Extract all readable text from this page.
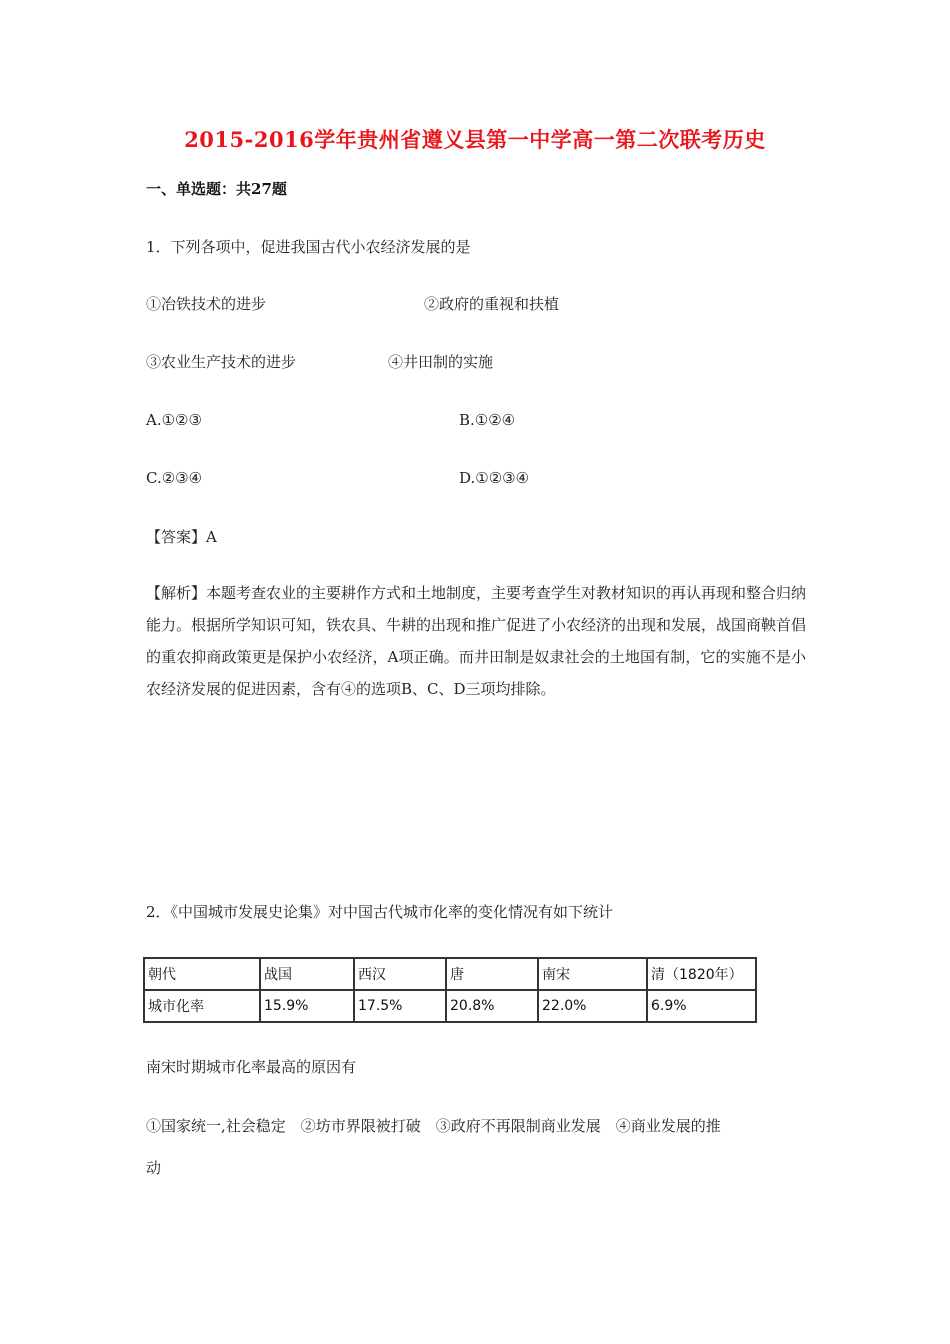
2015-2016学年贵州省遵义县第一中学高一第二次联考历史
一、单选题：共27题
1．下列各项中，促进我国古代小农经济发展的是
①冶铁技术的进步	②政府的重视和扶植
③农业生产技术的进步	④井田制的实施
A.①②③	B.①②④
C.②③④	D.①②③④
【答案】A
【解析】本题考查农业的主要耕作方式和土地制度，主要考查学生对教材知识的再认再现和整合归纳能力。根据所学知识可知，铁农具、牛耕的出现和推广促进了小农经济的出现和发展，战国商鞅首倡的重农抑商政策更是保护小农经济，A项正确。而井田制是奴隶社会的土地国有制，它的实施不是小农经济发展的促进因素，含有④的选项B、C、D三项均排除。
2．《中国城市发展史论集》对中国古代城市化率的变化情况有如下统计
朝代	战国	西汉	唐	南宋	清（1820年）
城市化率	15.9%	17.5%	20.8%	22.0%	6.9%
南宋时期城市化率最高的原因有
①国家统一,社会稳定　②坊市界限被打破　③政府不再限制商业发展　④商业发展的推
动
